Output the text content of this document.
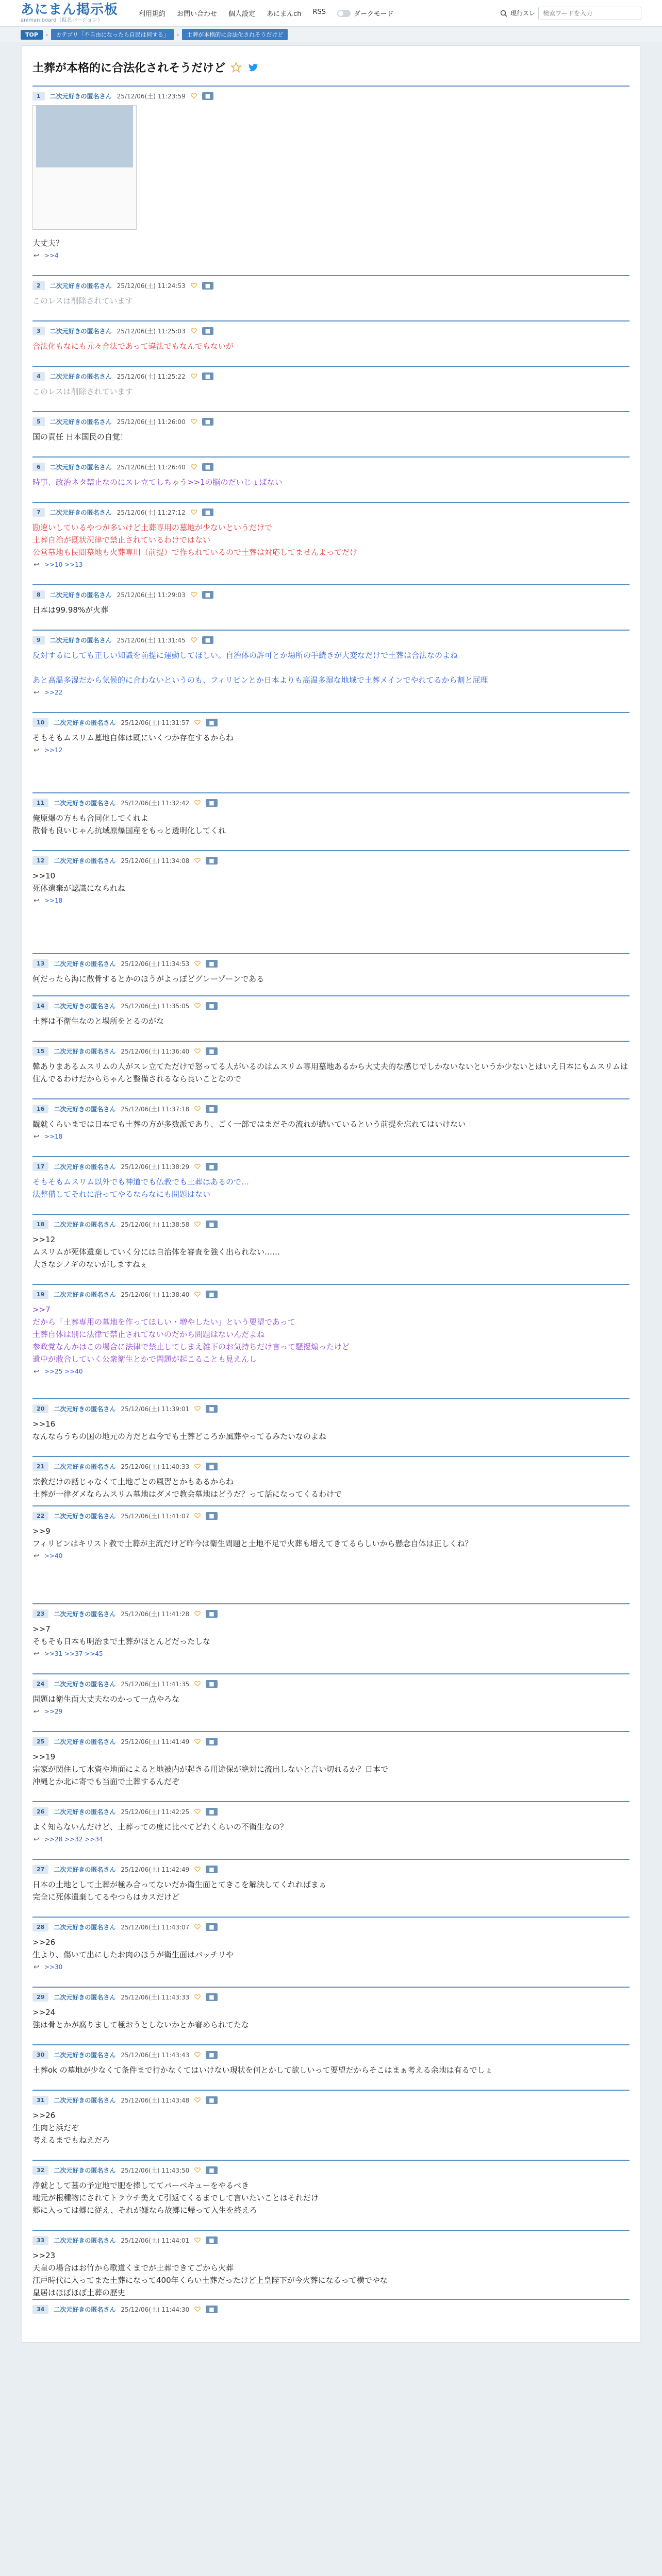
あにまん掲示板
animan board（仮名バージョン）
利用規約 お問い合わせ 個人設定 あにまんch RSS	ダークモード	現行スレ
検索ワードを入力
TOP	›	カテゴリ「不自由になったら自民は何する」	›	土葬が本格的に合法化されそうだけど
土葬が本格的に合法化されそうだけど
1	二次元好きの匿名さん 25/12/06(土) 11:23:59	■
大丈夫？
↩ >>4
2	二次元好きの匿名さん 25/12/06(土) 11:24:53	■
このレスは削除されています
3	二次元好きの匿名さん 25/12/06(土) 11:25:03	■
合法化もなにも元々合法であって違法でもなんでもないが
4	二次元好きの匿名さん 25/12/06(土) 11:25:22	■
このレスは削除されています
5	二次元好きの匿名さん 25/12/06(土) 11:26:00	■
国の責任 日本国民の自覚！
6	二次元好きの匿名さん 25/12/06(土) 11:26:40	■
時事、政治ネタ禁止なのにスレ立てしちゃう>>1の脳のだいじょばない
7	二次元好きの匿名さん 25/12/06(土) 11:27:12	■
勘違いしているやつが多いけど土葬専用の墓地が少ないというだけで
土葬自治が既状況律で禁止されているわけではない
公営墓地も民間墓地も火葬専用（前提）で作られているので土葬は対応してませんよってだけ
↩ >>10 >>13
8	二次元好きの匿名さん 25/12/06(土) 11:29:03	■
日本は99.98%が火葬
9	二次元好きの匿名さん 25/12/06(土) 11:31:45	■
反対するにしても正しい知識を前提に運動してほしい。自治体の許可とか場所の手続きが大変なだけで土葬は合法なのよね

あと高温多湿だから気候的に合わないというのも、フィリピンとか日本よりも高温多湿な地域で土葬メインでやれてるから割と屁理
↩ >>22
10	二次元好きの匿名さん 25/12/06(土) 11:31:57	■
そもそもムスリム墓地自体は既にいくつか存在するからね
↩ >>12
11	二次元好きの匿名さん 25/12/06(土) 11:32:42	■
俺原爆の方もも合同化してくれよ
散骨も良いじゃん抗域原爆国産をもっと透明化してくれ
12	二次元好きの匿名さん 25/12/06(土) 11:34:08	■
>>10
死体遺棄が認識になられね
↩ >>18
13	二次元好きの匿名さん 25/12/06(土) 11:34:53	■
何だったら海に散骨するとかのほうがよっぽどグレーゾーンである
14	二次元好きの匿名さん 25/12/06(土) 11:35:05	■
土葬は不衛生なのと場所をとるのがな
15	二次元好きの匿名さん 25/12/06(土) 11:36:40	■
韓ありまあるムスリムの人がスレ立てただけで怒ってる人がいるのはムスリム専用墓地あるから大丈夫的な感じでしかないないというか少ないとはいえ日本にもムスリムは住んでるわけだからちゃんと整備されるなら良いことなので
16	二次元好きの匿名さん 25/12/06(土) 11:37:18	■
観就くらいまでは日本でも土葬の方が多数派であり、ごく一部ではまだその流れが続いているという前提を忘れてはいけない
↩ >>18
17	二次元好きの匿名さん 25/12/06(土) 11:38:29	■
そもそもムスリム以外でも神道でも仏教でも土葬はあるので…
法整備してそれに沿ってやるならなにも問題はない
18	二次元好きの匿名さん 25/12/06(土) 11:38:58	■
>>12
ムスリムが死体遺棄していく分には自治体を審査を強く出られない……
大きなシノギのないがしますねぇ
19	二次元好きの匿名さん 25/12/06(土) 11:38:40	■
>>7
だから「土葬専用の墓地を作ってほしい・増やしたい」という要望であって
土葬自体は別に法律で禁止されてないのだから問題はないんだよね
参政党なんかはこの場合に法律で禁止してしまえ雑下のお気持ちだけ言って騒擾煽ったけど
遺中が敢合していく公衆衛生とかで問題が起こることも見えんし
↩ >>25 >>40
20	二次元好きの匿名さん 25/12/06(土) 11:39:01	■
>>16
なんならうちの国の地元の方だとね今でも土葬どころか風葬やってるみたいなのよね
21	二次元好きの匿名さん 25/12/06(土) 11:40:33	■
宗教だけの話じゃなくて土地ごとの風習とかもあるからね
土葬が一律ダメならムスリム墓地はダメで教会墓地はどうだ？って話になってくるわけで
22	二次元好きの匿名さん 25/12/06(土) 11:41:07	■
>>9
フィリピンはキリスト教で土葬が主流だけど昨今は衛生問題と土地不足で火葬も増えてきてるらしいから懸念自体は正しくね？
↩ >>40
23	二次元好きの匿名さん 25/12/06(土) 11:41:28	■
>>7
そもそも日本も明治まで土葬がほとんどだったしな
↩ >>31 >>37 >>45
24	二次元好きの匿名さん 25/12/06(土) 11:41:35	■
問題は衛生面大丈夫なのかって一点やろな
↩ >>29
25	二次元好きの匿名さん 25/12/06(土) 11:41:49	■
>>19
宗家が関住して水資や地面によると地被内が起きる用途保が絶対に流出しないと言い切れるか？日本で
沖縄とか北に寄でも当面で土葬するんだぞ
26	二次元好きの匿名さん 25/12/06(土) 11:42:25	■
よく知らないんだけど、土葬っての度に比べてどれくらいの不衛生なの？
↩ >>28 >>32 >>34
27	二次元好きの匿名さん 25/12/06(土) 11:42:49	■
日本の土地として土葬が極み合ってないだか衛生面とてきこを解決してくれればまぁ
完全に死体遺棄してるやつらはカスだけど
28	二次元好きの匿名さん 25/12/06(土) 11:43:07	■
>>26
生より、傷いて出にしたお肉のほうが衛生面はバッチリや
↩ >>30
29	二次元好きの匿名さん 25/12/06(土) 11:43:33	■
>>24
強は骨とかが腐りまして極おうとしないかとか窘められてたな
30	二次元好きの匿名さん 25/12/06(土) 11:43:43	■
土葬ok の墓地が少なくて条件まで行かなくてはいけない現状を何とかして欲しいって要望だからそこはまぁ考える余地は有るでしょ
31	二次元好きの匿名さん 25/12/06(土) 11:43:48	■
>>26
生肉と浜だぞ
考えるまでもねえだろ
32	二次元好きの匿名さん 25/12/06(土) 11:43:50	■
浄就として墓の予定地で肥を捧しててバーベキューをやるべき
地元が根種物にされてトラウチ美えて引返てくるまでして言いたいことはそれだけ
郷に入っては郷に従え、それが嫌なら故郷に帰って入生を終えろ
33	二次元好きの匿名さん 25/12/06(土) 11:44:01	■
>>23
天皇の場合はお竹から歌道くまでが土葬できてごから火葬
江戸時代に入ってまた土葬になって400年くらい土葬だったけど上皇陛下が今火葬になるって横でやな
皇居はほぼほぼ土葬の歴史
34	二次元好きの匿名さん 25/12/06(土) 11:44:30	■
